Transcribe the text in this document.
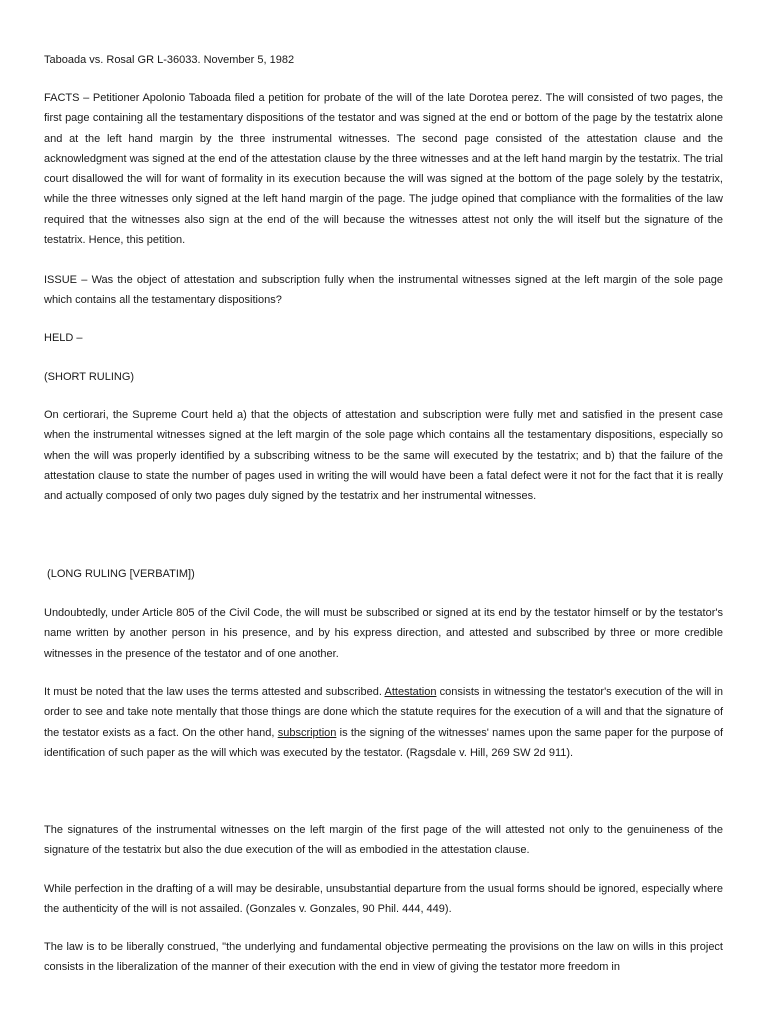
Taboada vs. Rosal GR L-36033. November 5, 1982

FACTS – Petitioner Apolonio Taboada filed a petition for probate of the will of the late Dorotea perez. The will consisted of two pages, the first page containing all the testamentary dispositions of the testator and was signed at the end or bottom of the page by the testatrix alone and at the left hand margin by the three instrumental witnesses. The second page consisted of the attestation clause and the acknowledgment was signed at the end of the attestation clause by the three witnesses and at the left hand margin by the testatrix. The trial court disallowed the will for want of formality in its execution because the will was signed at the bottom of the page solely by the testatrix, while the three witnesses only signed at the left hand margin of the page. The judge opined that compliance with the formalities of the law required that the witnesses also sign at the end of the will because the witnesses attest not only the will itself but the signature of the testatrix. Hence, this petition.

ISSUE – Was the object of attestation and subscription fully when the instrumental witnesses signed at the left margin of the sole page which contains all the testamentary dispositions?

HELD –

(SHORT RULING)

On certiorari, the Supreme Court held a) that the objects of attestation and subscription were fully met and satisfied in the present case when the instrumental witnesses signed at the left margin of the sole page which contains all the testamentary dispositions, especially so when the will was properly identified by a subscribing witness to be the same will executed by the testatrix; and b) that the failure of the attestation clause to state the number of pages used in writing the will would have been a fatal defect were it not for the fact that it is really and actually composed of only two pages duly signed by the testatrix and her instrumental witnesses.

(LONG RULING [VERBATIM])

Undoubtedly, under Article 805 of the Civil Code, the will must be subscribed or signed at its end by the testator himself or by the testator's name written by another person in his presence, and by his express direction, and attested and subscribed by three or more credible witnesses in the presence of the testator and of one another.

It must be noted that the law uses the terms attested and subscribed. Attestation consists in witnessing the testator's execution of the will in order to see and take note mentally that those things are done which the statute requires for the execution of a will and that the signature of the testator exists as a fact. On the other hand, subscription is the signing of the witnesses' names upon the same paper for the purpose of identification of such paper as the will which was executed by the testator. (Ragsdale v. Hill, 269 SW 2d 911).

The signatures of the instrumental witnesses on the left margin of the first page of the will attested not only to the genuineness of the signature of the testatrix but also the due execution of the will as embodied in the attestation clause.

While perfection in the drafting of a will may be desirable, unsubstantial departure from the usual forms should be ignored, especially where the authenticity of the will is not assailed. (Gonzales v. Gonzales, 90 Phil. 444, 449).

The law is to be liberally construed, "the underlying and fundamental objective permeating the provisions on the law on wills in this project consists in the liberalization of the manner of their execution with the end in view of giving the testator more freedom in
